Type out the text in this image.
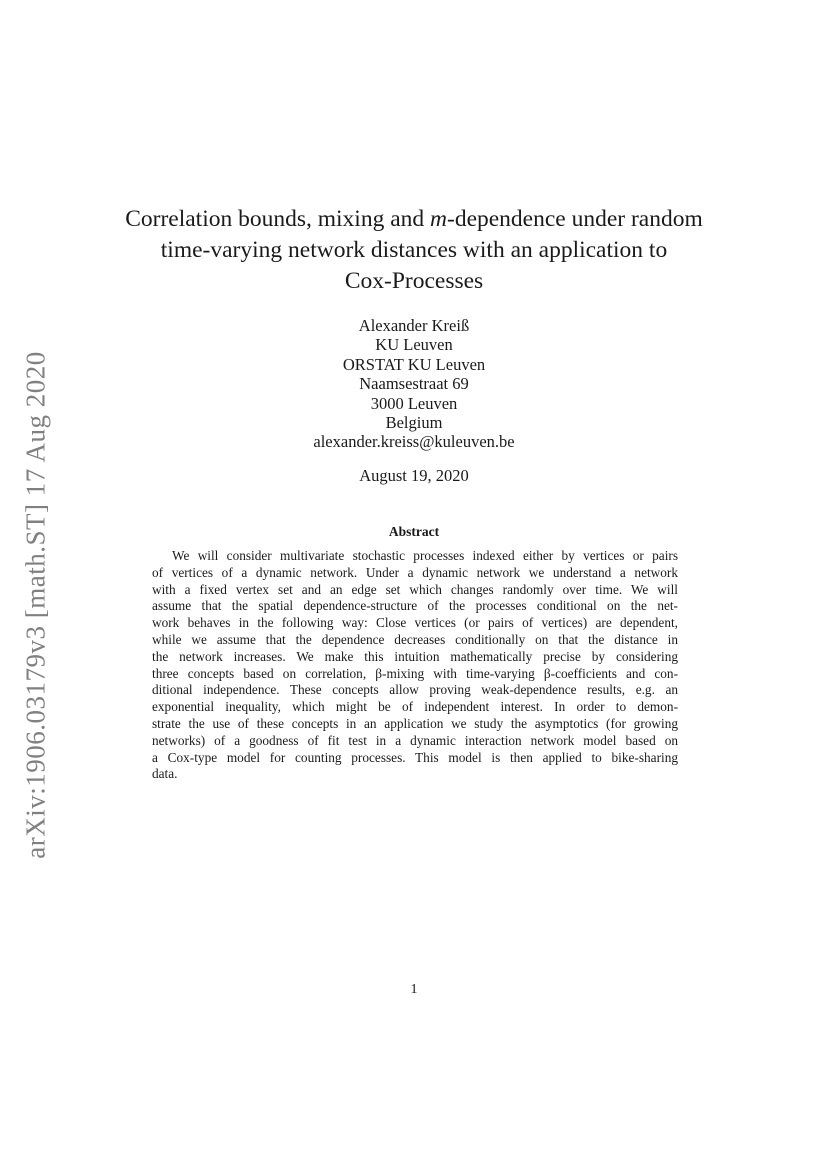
arXiv:1906.03179v3 [math.ST] 17 Aug 2020
Correlation bounds, mixing and m-dependence under random
time-varying network distances with an application to
Cox-Processes
Alexander Kreiß
KU Leuven
ORSTAT KU Leuven
Naamsestraat 69
3000 Leuven
Belgium
alexander.kreiss@kuleuven.be
August 19, 2020
Abstract
We will consider multivariate stochastic processes indexed either by vertices or pairs
of vertices of a dynamic network. Under a dynamic network we understand a network
with a fixed vertex set and an edge set which changes randomly over time. We will
assume that the spatial dependence-structure of the processes conditional on the net-
work behaves in the following way: Close vertices (or pairs of vertices) are dependent,
while we assume that the dependence decreases conditionally on that the distance in
the network increases. We make this intuition mathematically precise by considering
three concepts based on correlation, β-mixing with time-varying β-coefficients and con-
ditional independence. These concepts allow proving weak-dependence results, e.g. an
exponential inequality, which might be of independent interest. In order to demon-
strate the use of these concepts in an application we study the asymptotics (for growing
networks) of a goodness of fit test in a dynamic interaction network model based on
a Cox-type model for counting processes. This model is then applied to bike-sharing
data.
1
